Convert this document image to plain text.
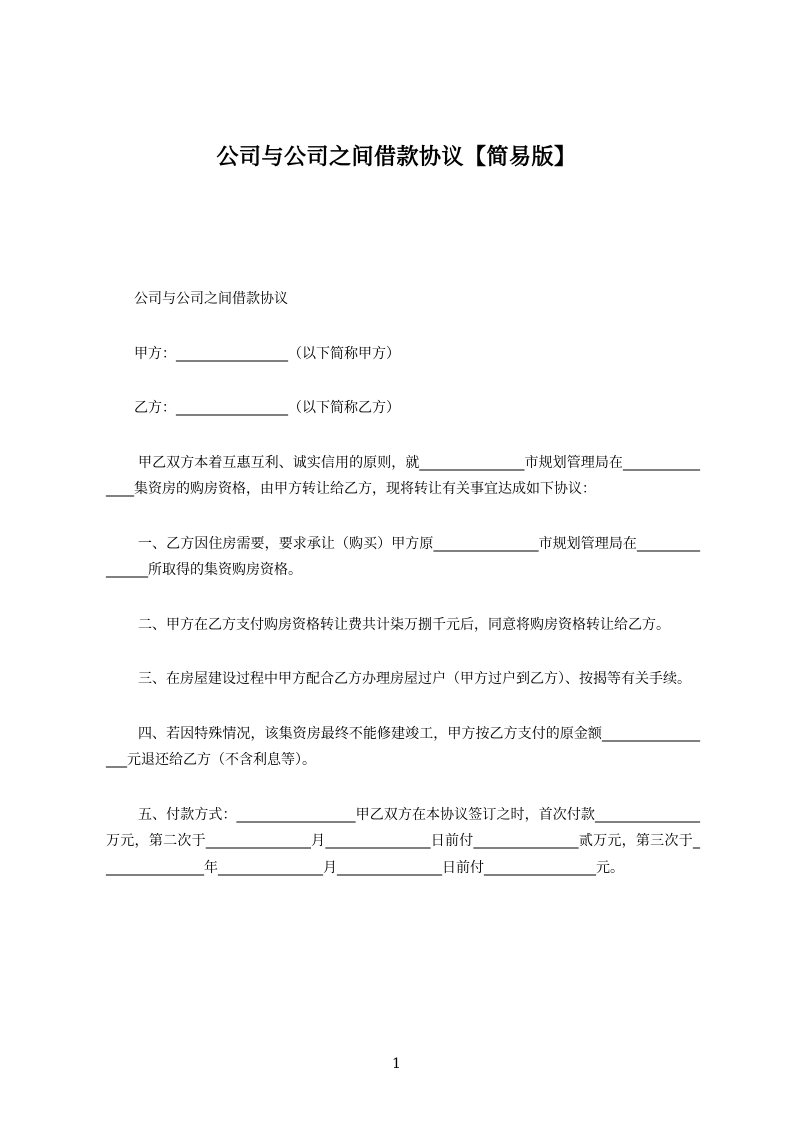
公司与公司之间借款协议【简易版】

公司与公司之间借款协议

甲方：________________（以下简称甲方）

乙方：________________（以下简称乙方）

甲乙双方本着互惠互利、诚实信用的原则，就_______________市规划管理局在_______________集资房的购房资格，由甲方转让给乙方，现将转让有关事宜达成如下协议：

一、乙方因住房需要，要求承让（购买）甲方原_______________市规划管理局在_______________所取得的集资购房资格。

二、甲方在乙方支付购房资格转让费共计柒万捌千元后，同意将购房资格转让给乙方。

三、在房屋建设过程中甲方配合乙方办理房屋过户（甲方过户到乙方）、按揭等有关手续。

四、若因特殊情况，该集资房最终不能修建竣工，甲方按乙方支付的原金额_________________元退还给乙方（不含利息等）。

五、付款方式：_________________甲乙双方在本协议签订之时，首次付款_______________万元，第二次于_______________月_______________日前付_______________贰万元，第三次于_______________年_______________月_______________日前付________________元。

1
